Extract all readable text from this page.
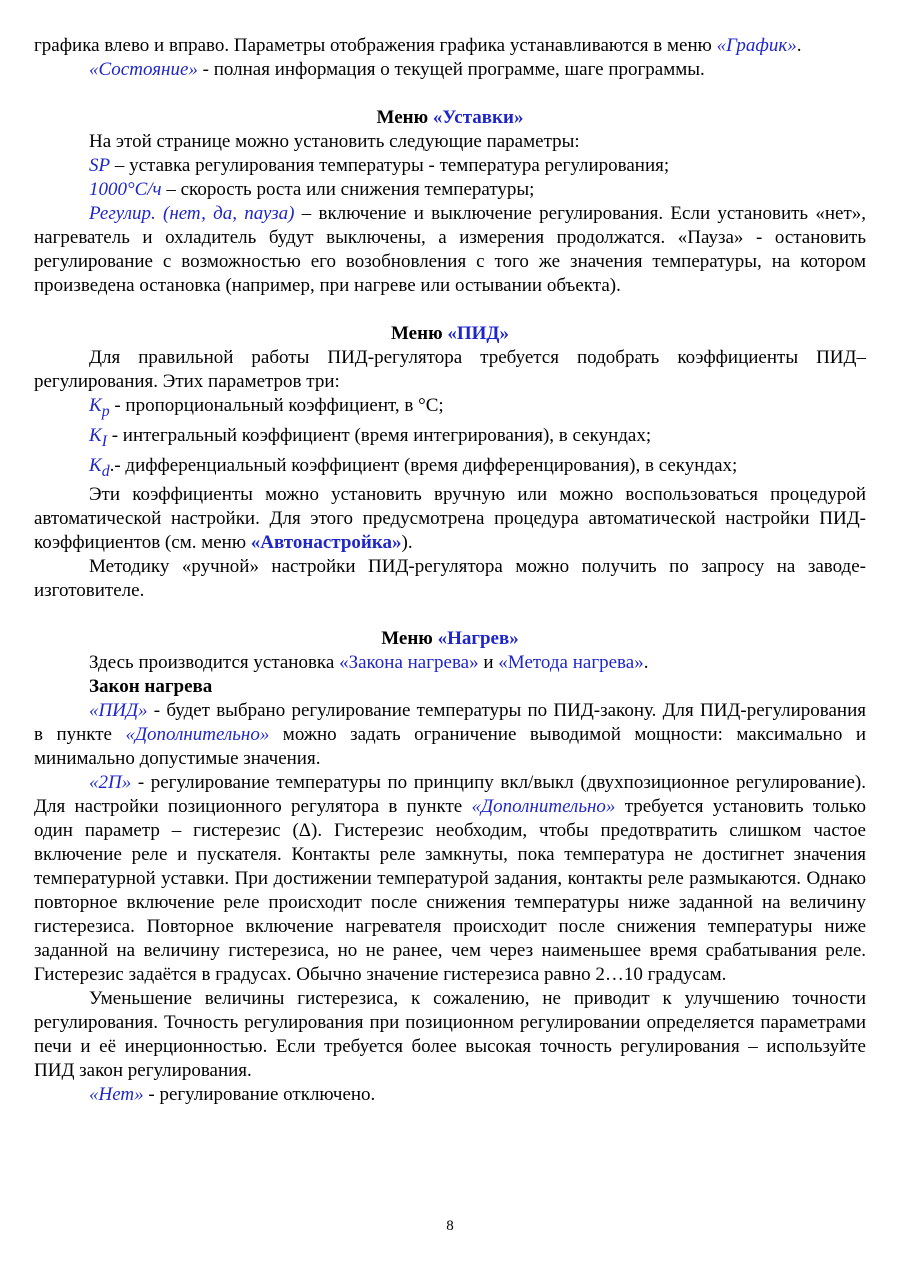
графика влево и вправо. Параметры отображения графика устанавливаются в меню «График».

«Состояние» - полная информация о текущей программе, шаге программы.

Меню «Уставки»

На этой странице можно установить следующие параметры:

SP – уставка регулирования температуры - температура регулирования;

1000°С/ч – скорость роста или снижения температуры;

Регулир. (нет, да, пауза) – включение и выключение регулирования. Если установить «нет», нагреватель и охладитель будут выключены, а измерения продолжатся. «Пауза» - остановить регулирование с возможностью его возобновления с того же значения температуры, на котором произведена остановка (например, при нагреве или остывании объекта).

Меню «ПИД»

Для правильной работы ПИД-регулятора требуется подобрать коэффициенты ПИД–регулирования. Этих параметров три:

$K_p$ - пропорциональный коэффициент, в °С;

$K_I$ - интегральный коэффициент (время интегрирования), в секундах;

$K_d.-$ дифференциальный коэффициент (время дифференцирования), в секундах;

Эти коэффициенты можно установить вручную или можно воспользоваться процедурой автоматической настройки. Для этого предусмотрена процедура автоматической настройки ПИД-коэффициентов (см. меню «Автонастройка»).

Методику «ручной» настройки ПИД-регулятора можно получить по запросу на заводе-изготовителе.

Меню «Нагрев»

Здесь производится установка «Закона нагрева» и «Метода нагрева».

Закон нагрева

«ПИД» - будет выбрано регулирование температуры по ПИД-закону. Для ПИД-регулирования в пункте «Дополнительно» можно задать ограничение выводимой мощности: максимально и минимально допустимые значения.

«2П» - регулирование температуры по принципу вкл/выкл (двухпозиционное регулирование). Для настройки позиционного регулятора в пункте «Дополнительно» требуется установить только один параметр – гистерезис (Δ). Гистерезис необходим, чтобы предотвратить слишком частое включение реле и пускателя. Контакты реле замкнуты, пока температура не достигнет значения температурной уставки. При достижении температурой задания, контакты реле размыкаются. Однако повторное включение реле происходит после снижения температуры ниже заданной на величину гистерезиса. Повторное включение нагревателя происходит после снижения температуры ниже заданной на величину гистерезиса, но не ранее, чем через наименьшее время срабатывания реле. Гистерезис задаётся в градусах. Обычно значение гистерезиса равно 2…10 градусам.

Уменьшение величины гистерезиса, к сожалению, не приводит к улучшению точности регулирования. Точность регулирования при позиционном регулировании определяется параметрами печи и её инерционностью. Если требуется более высокая точность регулирования – используйте ПИД закон регулирования.

«Нет» - регулирование отключено.

8
